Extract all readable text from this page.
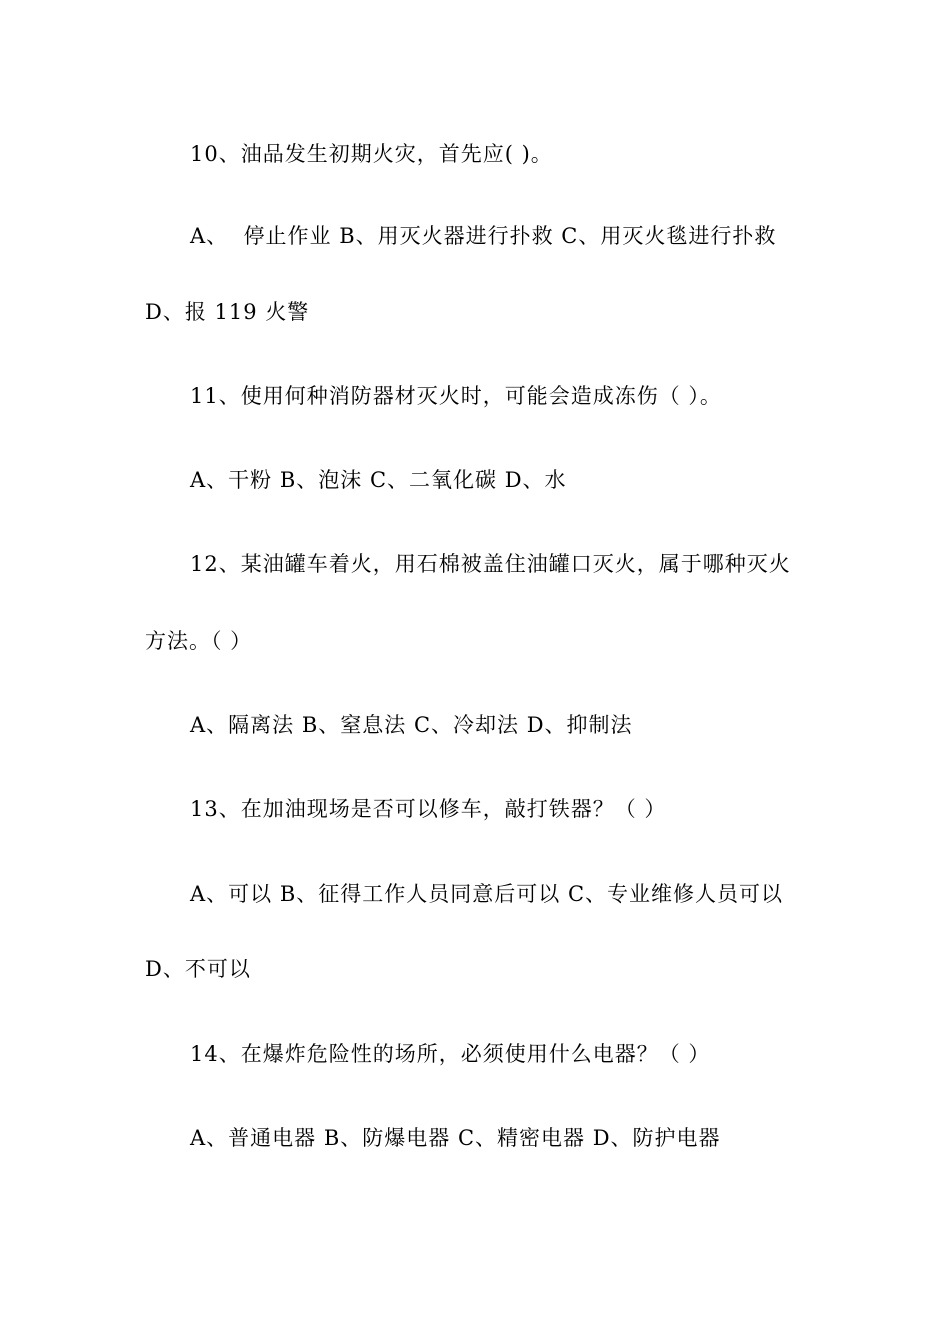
10、油品发生初期火灾，首先应( )。
A、  停止作业 B、用灭火器进行扑救 C、用灭火毯进行扑救
D、报 119 火警
11、使用何种消防器材灭火时，可能会造成冻伤（ ）。
A、干粉 B、泡沫 C、二氧化碳 D、水
12、某油罐车着火，用石棉被盖住油罐口灭火，属于哪种灭火
方法。（ ）
A、隔离法 B、窒息法 C、冷却法 D、抑制法
13、在加油现场是否可以修车，敲打铁器？（ ）
A、可以 B、征得工作人员同意后可以 C、专业维修人员可以
D、不可以
14、在爆炸危险性的场所，必须使用什么电器？（ ）
A、普通电器 B、防爆电器 C、精密电器 D、防护电器
